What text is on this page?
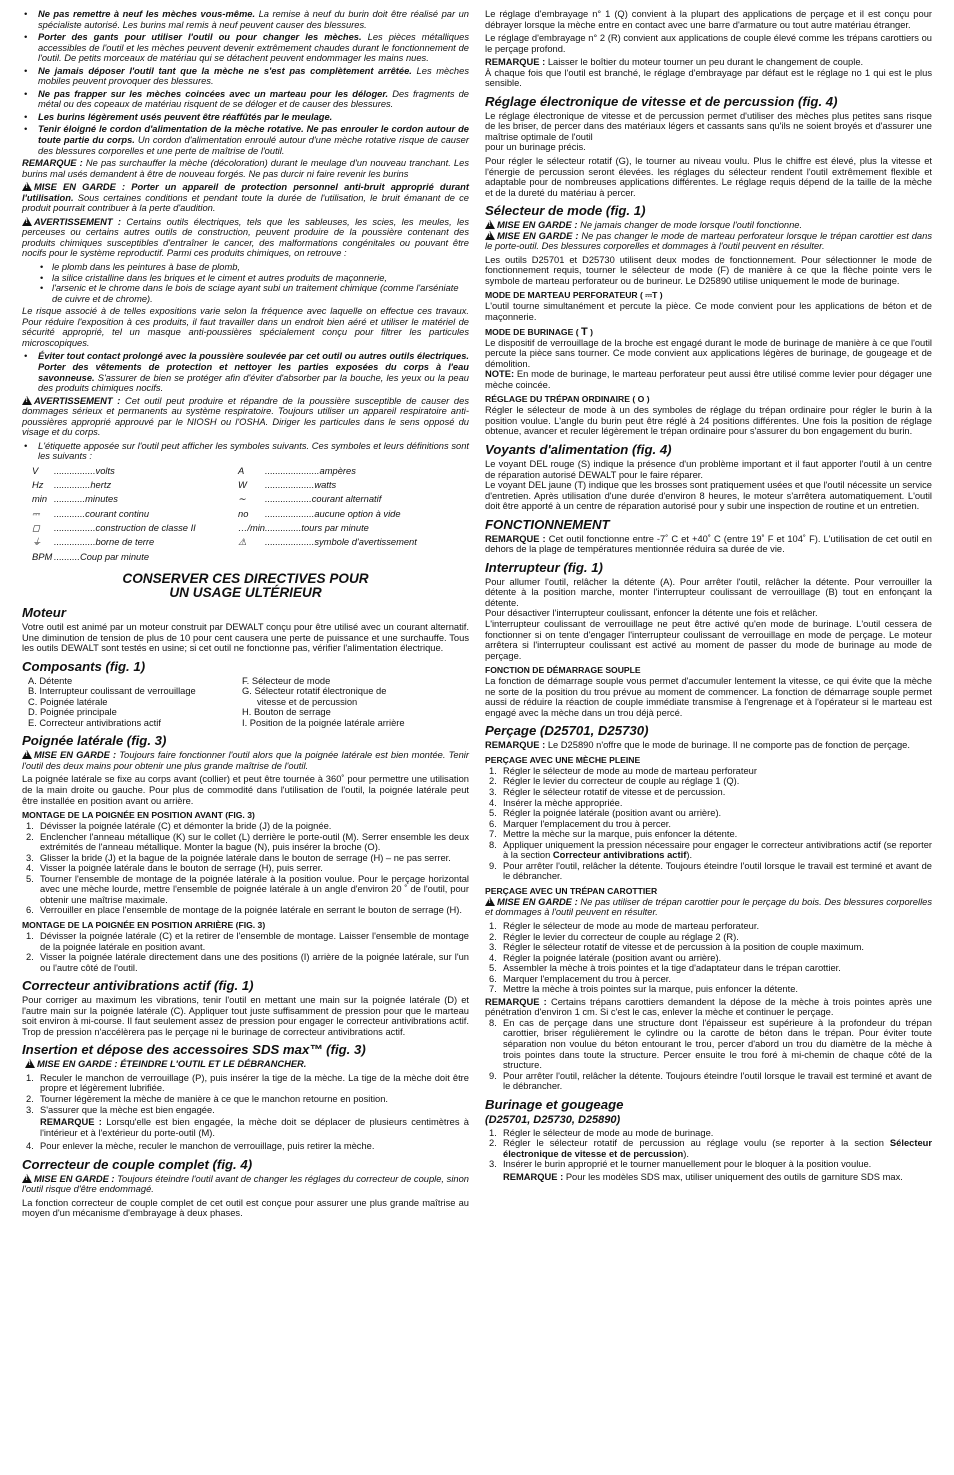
• Ne pas remettre à neuf les mèches vous-même. La remise à neuf du burin doit être réalisé par un spécialiste autorisé. Les burins mal remis à neuf peuvent causer des blessures.
• Porter des gants pour utiliser l'outil ou pour changer les mèches. Les pièces métalliques accessibles de l'outil et les mèches peuvent devenir extrêmement chaudes durant le fonctionnement de l'outil. De petits morceaux de matériau qui se détachent peuvent endommager les mains nues.
• Ne jamais déposer l'outil tant que la mèche ne s'est pas complètement arrêtée. Les mèches mobiles peuvent provoquer des blessures.
• Ne pas frapper sur les mèches coincées avec un marteau pour les déloger. Des fragments de métal ou des copeaux de matériau risquent de se déloger et de causer des blessures.
• Les burins légèrement usés peuvent être réaffûtés par le meulage.
• Tenir éloigné le cordon d'alimentation de la mèche rotative. Ne pas enrouler le cordon autour de toute partie du corps. Un cordon d'alimentation enroulé autour d'une mèche rotative risque de causer des blessures corporelles et une perte de maîtrise de l'outil.

REMARQUE : Ne pas surchauffer la mèche (décoloration) durant le meulage d'un nouveau tranchant. Les burins mal usés demandent à être de nouveau forgés. Ne pas durcir ni faire revenir les burins

!MISE EN GARDE : Porter un appareil de protection personnel anti-bruit approprié durant l'utilisation. Sous certaines conditions et pendant toute la durée de l'utilisation, le bruit émanant de ce produit pourrait contribuer à la perte d'audition.

!AVERTISSEMENT : Certains outils électriques, tels que les sableuses, les scies, les meules, les perceuses ou certains autres outils de construction, peuvent produire de la poussière contenant des produits chimiques susceptibles d'entraîner le cancer, des malformations congénitales ou pouvant être nocifs pour le système reproductif. Parmi ces produits chimiques, on retrouve :

• le plomb dans les peintures à base de plomb,
• la silice cristalline dans les briques et le ciment et autres produits de maçonnerie,
• l'arsenic et le chrome dans le bois de sciage ayant subi un traitement chimique (comme l'arséniate de cuivre et de chrome).

Le risque associé à de telles expositions varie selon la fréquence avec laquelle on effectue ces travaux. Pour réduire l'exposition à ces produits, il faut travailler dans un endroit bien aéré et utiliser le matériel de sécurité approprié, tel un masque anti-poussières spécialement conçu pour filtrer les particules microscopiques.

• Éviter tout contact prolongé avec la poussière soulevée par cet outil ou autres outils électriques. Porter des vêtements de protection et nettoyer les parties exposées du corps à l'eau savonneuse. S'assurer de bien se protéger afin d'éviter d'absorber par la bouche, les yeux ou la peau des produits chimiques nocifs.

!AVERTISSEMENT : Cet outil peut produire et répandre de la poussière susceptible de causer des dommages sérieux et permanents au système respiratoire. Toujours utiliser un appareil respiratoire anti-poussières approprié approuvé par le NIOSH ou l'OSHA. Diriger les particules dans le sens opposé du visage et du corps.

• L'étiquette apposée sur l'outil peut afficher les symboles suivants. Ces symboles et leurs définitions sont les suivants :
V	................volts	A	.....................ampères
Hz	..............hertz	W	...................watts
min	............minutes	∼	..................courant alternatif
⎓	............courant continu	no	...................aucune option à vide
◻	................construction de classe II	…/min	..............tours par minute
⏚	................borne de terre	⚠	...................symbole d'avertissement
BPM	..........Coup par minute		
CONSERVER CES DIRECTIVES POUR
UN USAGE ULTÉRIEUR
Moteur

Votre outil est animé par un moteur construit par DEWALT conçu pour être utilisé avec un courant alternatif. Une diminution de tension de plus de 10 pour cent causera une perte de puissance et une surchauffe. Tous les outils DEWALT sont testés en usine; si cet outil ne fonctionne pas, vérifier l'alimentation électrique.

Composants (fig. 1)
A. Détente	F. Sélecteur de mode
B. Interrupteur coulissant de verrouillage	G. Sélecteur rotatif électronique de
C. Poignée latérale	vitesse et de percussion
D. Poignée principale	H. Bouton de serrage
E. Correcteur antivibrations actif	I. Position de la poignée latérale arrière
Poignée latérale (fig. 3)

!MISE EN GARDE : Toujours faire fonctionner l'outil alors que la poignée latérale est bien montée. Tenir l'outil des deux mains pour obtenir une plus grande maîtrise de l'outil.

La poignée latérale se fixe au corps avant (collier) et peut être tournée à 360˚ pour permettre une utilisation de la main droite ou gauche. Pour plus de commodité dans l'utilisation de l'outil, la poignée latérale peut être installée en position avant ou arrière.

MONTAGE DE LA POIGNÉE EN POSITION AVANT (FIG. 3)
1. Dévisser la poignée latérale (C) et démonter la bride (J) de la poignée.
2. Enclencher l'anneau métallique (K) sur le collet (L) derrière le porte-outil (M). Serrer ensemble les deux extrémités de l'anneau métallique. Monter la bague (N), puis insérer la broche (O).
3. Glisser la bride (J) et la bague de la poignée latérale dans le bouton de serrage (H) – ne pas serrer.
4. Visser la poignée latérale dans le bouton de serrage (H), puis serrer.
5. Tourner l'ensemble de montage de la poignée latérale à la position voulue. Pour le perçage horizontal avec une mèche lourde, mettre l'ensemble de poignée latérale à un angle d'environ 20 ˚ de l'outil, pour obtenir une maîtrise maximale.
6. Verrouiller en place l'ensemble de montage de la poignée latérale en serrant le bouton de serrage (H).
MONTAGE DE LA POIGNÉE EN POSITION ARRIÈRE (FIG. 3)
1. Dévisser la poignée latérale (C) et la retirer de l'ensemble de montage. Laisser l'ensemble de montage de la poignée latérale en position avant.
2. Visser la poignée latérale directement dans une des positions (I) arrière de la poignée latérale, sur l'un ou l'autre côté de l'outil.
Correcteur antivibrations actif (fig. 1)

Pour corriger au maximum les vibrations, tenir l'outil en mettant une main sur la poignée latérale (D) et l'autre main sur la poignée latérale (C). Appliquer tout juste suffisamment de pression pour que le marteau soit environ à mi-course. Il faut seulement assez de pression pour engager le correcteur antivibrations actif. Trop de pression n'accélèrera pas le perçage ni le burinage de correcteur antivibrations actif.

Insertion et dépose des accessoires SDS max™ (fig. 3)

!MISE EN GARDE : ÉTEINDRE L'OUTIL ET LE DÉBRANCHER.

1. Reculer le manchon de verrouillage (P), puis insérer la tige de la mèche. La tige de la mèche doit être propre et légèrement lubrifiée.
2. Tourner légèrement la mèche de manière à ce que le manchon retourne en position.
3. S'assurer que la mèche est bien engagée.

REMARQUE : Lorsqu'elle est bien engagée, la mèche doit se déplacer de plusieurs centimètres à l'intérieur et à l'extérieur du porte-outil (M).

4. Pour enlever la mèche, reculer le manchon de verrouillage, puis retirer la mèche.
Correcteur de couple complet (fig. 4)

!MISE EN GARDE : Toujours éteindre l'outil avant de changer les réglages du correcteur de couple, sinon l'outil risque d'être endommagé.

La fonction correcteur de couple complet de cet outil est conçue pour assurer une plus grande maîtrise au moyen d'un mécanisme d'embrayage à deux phases.

Le réglage d'embrayage n° 1 (Q) convient à la plupart des applications de perçage et il est conçu pour débrayer lorsque la mèche entre en contact avec une barre d'armature ou tout autre matériau étranger.

Le réglage d'embrayage n° 2 (R) convient aux applications de couple élevé comme les trépans carottiers ou le perçage profond.

REMARQUE : Laisser le boîtier du moteur tourner un peu durant le changement de couple.

À chaque fois que l'outil est branché, le réglage d'embrayage par défaut est le réglage no 1 qui est le plus sensible.

Réglage électronique de vitesse et de percussion (fig. 4)

Le réglage électronique de vitesse et de percussion permet d'utiliser des mèches plus petites sans risque de les briser, de percer dans des matériaux légers et cassants sans qu'ils ne soient broyés et d'assurer une maîtrise optimale de l'outil

pour un burinage précis.

Pour régler le sélecteur rotatif (G), le tourner au niveau voulu. Plus le chiffre est élevé, plus la vitesse et l'énergie de percussion seront élevées. les réglages du sélecteur rendent l'outil extrêmement flexible et adaptable pour de nombreuses applications différentes. Le réglage requis dépend de la taille de la mèche et de la dureté du matériau à percer.

Sélecteur de mode (fig. 1)

!MISE EN GARDE : Ne jamais changer de mode lorsque l'outil fonctionne.

!MISE EN GARDE : Ne pas changer le mode de marteau perforateur lorsque le trépan carottier est dans le porte-outil. Des blessures corporelles et dommages à l'outil peuvent en résulter.

Les outils D25701 et D25730 utilisent deux modes de fonctionnement. Pour sélectionner le mode de fonctionnement requis, tourner le sélecteur de mode (F) de manière à ce que la flèche pointe vers le symbole de marteau perforateur ou de burineur. Le D25890 utilise uniquement le mode de burinage.

MODE DE MARTEAU PERFORATEUR ( ⎓T )

L'outil tourne simultanément et percute la pièce. Ce mode convient pour les applications de béton et de maçonnerie.

MODE DE BURINAGE ( T )

Le dispositif de verrouillage de la broche est engagé durant le mode de burinage de manière à ce que l'outil percute la pièce sans tourner. Ce mode convient aux applications légères de burinage, de gougeage et de démolition.

NOTE: En mode de burinage, le marteau perforateur peut aussi être utilisé comme levier pour dégager une mèche coincée.

RÉGLAGE DU TRÉPAN ORDINAIRE ( O )

Régler le sélecteur de mode à un des symboles de réglage du trépan ordinaire pour régler le burin à la position voulue. L'angle du burin peut être réglé à 24 positions différentes. Une fois la position de réglage obtenue, avancer et reculer légèrement le trépan ordinaire pour s'assurer du bon engagement du burin.

Voyants d'alimentation (fig. 4)

Le voyant DEL rouge (S) indique la présence d'un problème important et il faut apporter l'outil à un centre de réparation autorisé DEWALT pour le faire réparer.

Le voyant DEL jaune (T) indique que les brosses sont pratiquement usées et que l'outil nécessite un service d'entretien. Après utilisation d'une durée d'environ 8 heures, le moteur s'arrêtera automatiquement. L'outil doit être apporté à un centre de réparation autorisé pour y subir une inspection de routine et un entretien.

FONCTIONNEMENT

REMARQUE : Cet outil fonctionne entre -7˚ C et +40˚ C (entre 19˚ F et 104˚ F). L'utilisation de cet outil en dehors de la plage de températures mentionnée réduira sa durée de vie.

Interrupteur (fig. 1)

Pour allumer l'outil, relâcher la détente (A). Pour arrêter l'outil, relâcher la détente. Pour verrouiller la détente à la position marche, monter l'interrupteur coulissant de verrouillage (B) tout en enfonçant la détente.

Pour désactiver l'interrupteur coulissant, enfoncer la détente une fois et relâcher.

L'interrupteur coulissant de verrouillage ne peut être activé qu'en mode de burinage. L'outil cessera de fonctionner si on tente d'engager l'interrupteur coulissant de verrouillage en mode de perçage. Le moteur arrêtera si l'interrupteur coulissant est activé au moment de passer du mode de burinage au mode de perçage.

FONCTION DE DÉMARRAGE SOUPLE

La fonction de démarrage souple vous permet d'accumuler lentement la vitesse, ce qui évite que la mèche ne sorte de la position du trou prévue au moment de commencer. La fonction de démarrage souple permet aussi de réduire la réaction de couple immédiate transmise à l'engrenage et à l'opérateur si le marteau est engagé avec la mèche dans un trou déjà percé.

Perçage (D25701, D25730)

REMARQUE : Le D25890 n'offre que le mode de burinage. Il ne comporte pas de fonction de perçage.

PERÇAGE AVEC UNE MÈCHE PLEINE
1. Régler le sélecteur de mode au mode de marteau perforateur
2. Régler le levier du correcteur de couple au réglage 1 (Q).
3. Régler le sélecteur rotatif de vitesse et de percussion.
4. Insérer la mèche appropriée.
5. Régler la poignée latérale (position avant ou arrière).
6. Marquer l'emplacement du trou à percer.
7. Mettre la mèche sur la marque, puis enfoncer la détente.
8. Appliquer uniquement la pression nécessaire pour engager le correcteur antivibrations actif (se reporter à la section Correcteur antivibrations actif).
9. Pour arrêter l'outil, relâcher la détente. Toujours éteindre l'outil lorsque le travail est terminé et avant de le débrancher.
PERÇAGE AVEC UN TRÉPAN CAROTTIER

!MISE EN GARDE : Ne pas utiliser de trépan carottier pour le perçage du bois. Des blessures corporelles et dommages à l'outil peuvent en résulter.

1. Régler le sélecteur de mode au mode de marteau perforateur.
2. Régler le levier du correcteur de couple au réglage 2 (R).
3. Régler le sélecteur rotatif de vitesse et de percussion à la position de couple maximum.
4. Régler la poignée latérale (position avant ou arrière).
5. Assembler la mèche à trois pointes et la tige d'adaptateur dans le trépan carottier.
6. Marquer l'emplacement du trou à percer.
7. Mettre la mèche à trois pointes sur la marque, puis enfoncer la détente.

REMARQUE : Certains trépans carottiers demandent la dépose de la mèche à trois pointes après une pénétration d'environ 1 cm. Si c'est le cas, enlever la mèche et continuer le perçage.

8. En cas de perçage dans une structure dont l'épaisseur est supérieure à la profondeur du trépan carottier, briser régulièrement le cylindre ou la carotte de béton dans le trépan. Pour éviter toute séparation non voulue du béton entourant le trou, percer d'abord un trou du diamètre de la mèche à trois pointes dans toute la structure. Percer ensuite le trou foré à mi-chemin de chaque côté de la structure.
9. Pour arrêter l'outil, relâcher la détente. Toujours éteindre l'outil lorsque le travail est terminé et avant de le débrancher.
Burinage et gougeage
(D25701, D25730, D25890)
1. Régler le sélecteur de mode au mode de burinage.
2. Régler le sélecteur rotatif de percussion au réglage voulu (se reporter à la section Sélecteur électronique de vitesse et de percussion).
3. Insérer le burin approprié et le tourner manuellement pour le bloquer à la position voulue.

REMARQUE : Pour les modèles SDS max, utiliser uniquement des outils de garniture SDS max.
